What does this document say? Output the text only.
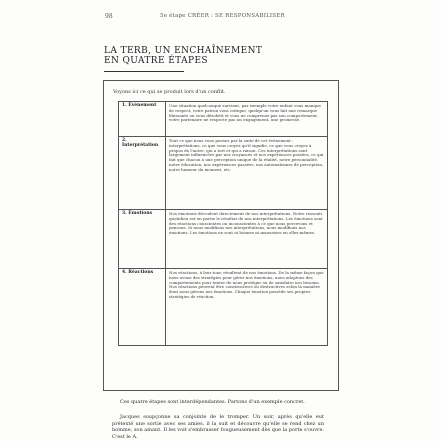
98	5e étape CRÉER : SE RESPONSABILISER
LA TERB, UN ENCHAÎNEMENT
EN QUATRE ÉTAPES
Voyons ici ce qui se produit lors d'un conflit.
1. Événement	Une situation quelconque survient, par exemple votre enfant vous manque de respect, votre patron vous critique, quelqu'un vous fait une remarque blessante ou vous désobéit et vous ne comprenez pas son comportement, votre partenaire ne respecte pas un engagement, une promesse.
2. Interprétation	Tout ce que nous vous pensez par la suite de cet événement : interprétations, ce que vous croyez qu'il signifie, ce que vous croyez à propos de l'autre, qui a tort et qui a raison. Ces interprétations sont largement influencées par nos croyances et nos expériences passées, ce qui fait que chacun a une perception unique de la réalité, notre personnalité, notre éducation, nos expériences passées, nos automatismes de perception, notre humeur du moment, etc.
3. Émotions	Nos émotions découlent directement de nos interprétations. Notre ressenti quotidien est en partie le résultat de nos interprétations. Les émotions sont des réactions conscientes ou inconscientes à ce que nous percevons et pensons. Si nous modifions nos interprétations, nous modifions nos émotions. Les émotions ne sont ni bonnes ni mauvaises en elles-mêmes.
4. Réactions	Nos réactions, à leur tour, résultent de nos émotions. De la même façon que nous avons des stratégies pour gérer nos émotions, nous adoptons des comportements pour tenter de nous protéger ou de satisfaire nos besoins. Nos réactions peuvent être constructives ou destructives selon la manière dont nous gérons nos émotions. Chaque émotion possède ses propres stratégies de réaction.
Ces quatre étapes sont interdépendantes. Partons d'un exemple concret.
Jacques soupçonne sa conjointe de le tromper. Un soir, après qu'elle eut prétexté une sortie avec ses amies, il la suit et découvre qu'elle se rend chez un homme, son amant. Il les voit s'embrasser fougueusement dès que la porte s'ouvre. C'est le A.
